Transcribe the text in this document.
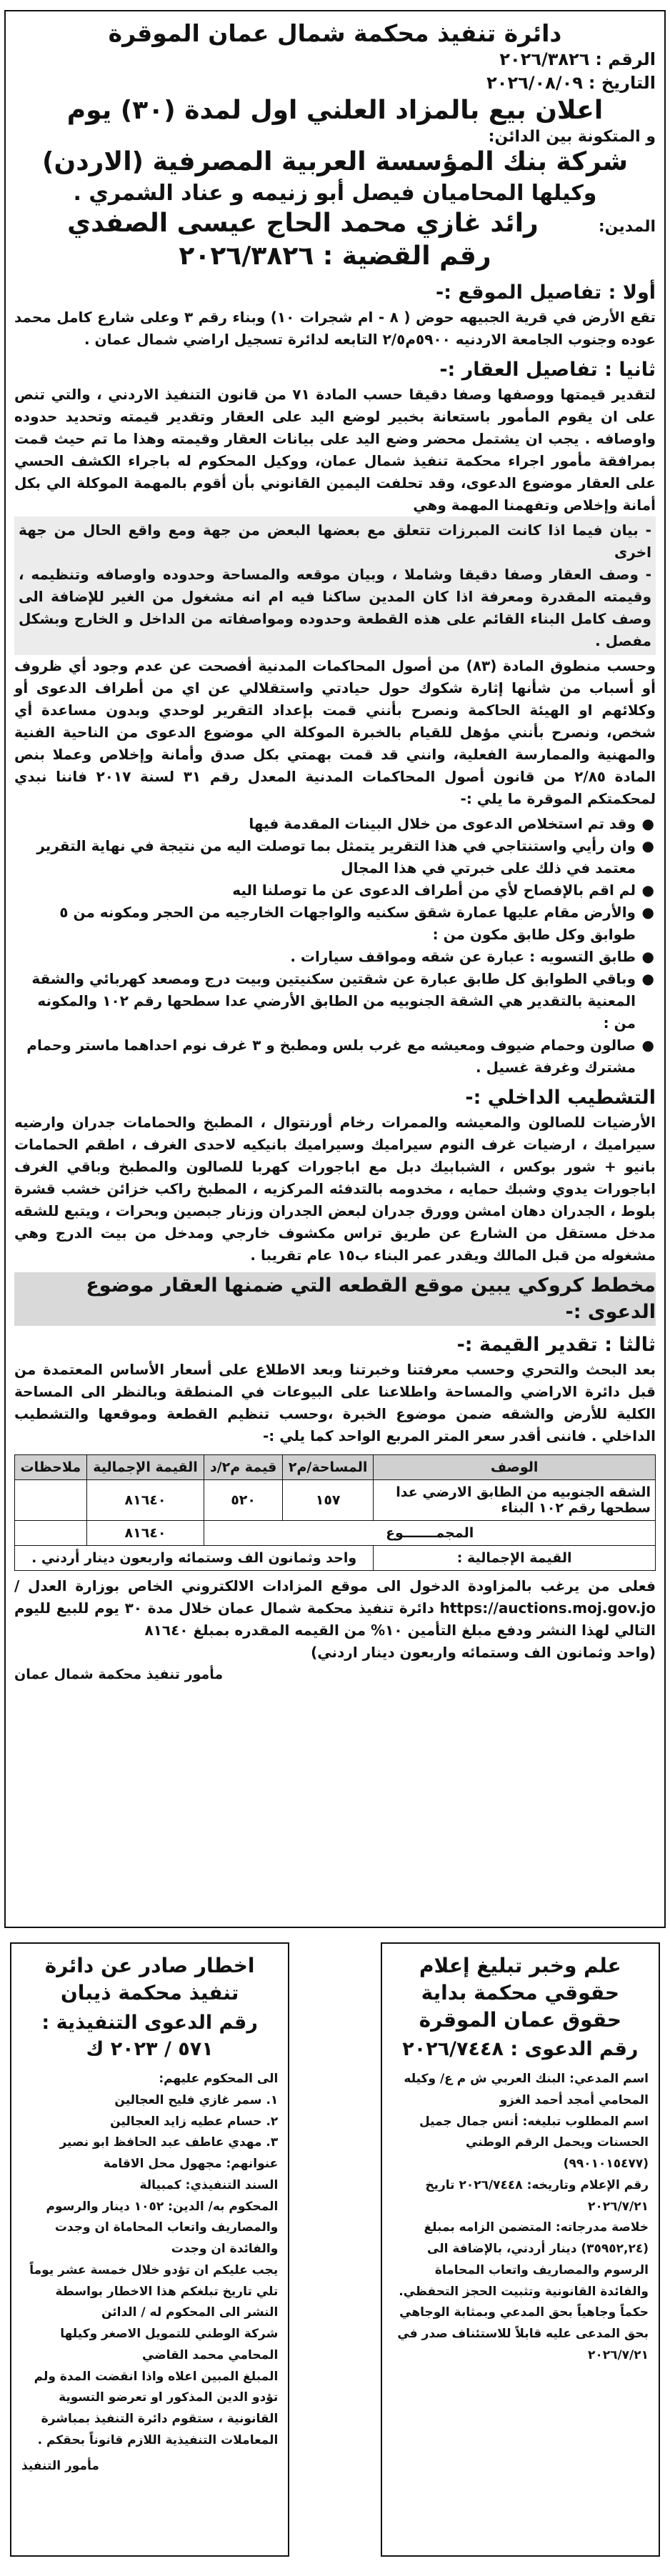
دائرة تنفيذ محكمة شمال عمان الموقرة
الرقم :
٢٠٢٦/٣٨٢٦
التاريخ :
٢٠٢٦/٠٨/٠٩
اعلان بيع بالمزاد العلني اول لمدة (٣٠) يوم
و المتكونة بين الدائن:
شركة بنك المؤسسة العربية المصرفية (الاردن)
وكيلها المحاميان فيصل أبو زنيمه و عناد الشمري .
المدين:
رائد غازي محمد الحاج عيسى الصفدي
رقم القضية : ٢٠٢٦/٣٨٢٦
أولا : تفاصيل الموقع :-

تقع الأرض في قرية الجبيهه حوض ( ٨ - ام شجرات ١٠) وبناء رقم ٣ وعلى شارع كامل محمد عوده وجنوب الجامعة الاردنيه ٥٩٠٠م٢/٥ التابعه لدائرة تسجيل اراضي شمال عمان .

ثانيا : تفاصيل العقار :-

لتقدير قيمتها ووصفها وصفا دقيقا حسب المادة ٧١ من قانون التنفيذ الاردني ، والتي تنص على ان يقوم المأمور باستعانة بخبير لوضع اليد على العقار وتقدير قيمته وتحديد حدوده واوصافه . يجب ان يشتمل محضر وضع اليد على بيانات العقار وقيمته وهذا ما تم حيث قمت بمرافقة مأمور اجراء محكمة تنفيذ شمال عمان، ووكيل المحكوم له باجراء الكشف الحسي على العقار موضوع الدعوى، وقد تحلفت اليمين القانوني بأن أقوم بالمهمة الموكلة الي بكل أمانة وإخلاص وتفهمنا المهمة وهي

- بيان فيما اذا كانت المبرزات تتعلق مع بعضها البعض من جهة ومع واقع الحال من جهة اخرى

- وصف العقار وصفا دقيقا وشاملا ، وبيان موقعه والمساحة وحدوده واوصافه وتنظيمه ، وقيمته المقدرة ومعرفة اذا كان المدين ساكنا فيه ام انه مشغول من الغير للإضافة الى وصف كامل البناء القائم على هذه القطعة وحدوده ومواصفاته من الداخل و الخارج وبشكل مفصل .

وحسب منطوق المادة (٨٣) من أصول المحاكمات المدنية أفصحت عن عدم وجود أي ظروف أو أسباب من شأنها إثارة شكوك حول حيادتي واستقلالي عن اي من أطراف الدعوى أو وكلائهم او الهيئة الحاكمة ونصرح بأنني قمت بإعداد التقرير لوحدي وبدون مساعدة أي شخص، ونصرح بأنني مؤهل للقيام بالخبرة الموكلة الي موضوع الدعوى من الناحية الفنية والمهنية والممارسة الفعلية، وانني قد قمت بهمتي بكل صدق وأمانة وإخلاص وعملا بنص المادة ٢/٨٥ من قانون أصول المحاكمات المدنية المعدل رقم ٣١ لسنة ٢٠١٧ فاننا نبدي لمحكمتكم الموقرة ما يلي :-

● وقد تم استخلاص الدعوى من خلال البينات المقدمة فيها
● وان رأيي واستنتاجي في هذا التقرير يتمثل بما توصلت اليه من نتيجة في نهاية التقرير معتمد في ذلك على خبرتي في هذا المجال
● لم اقم بالإفصاح لأي من أطراف الدعوى عن ما توصلنا اليه
● والأرض مقام عليها عمارة شقق سكنيه والواجهات الخارجيه من الحجر ومكونه من ٥ طوابق وكل طابق مكون من :
● طابق التسويه : عبارة عن شقه ومواقف سيارات .
● وباقي الطوابق كل طابق عبارة عن شقتين سكنيتين وبيت درج ومصعد كهربائي والشقة المعنية بالتقدير هي الشقة الجنوبيه من الطابق الأرضي عدا سطحها رقم ١٠٢ والمكونه من :
● صالون وحمام ضيوف ومعيشه مع غرب بلس ومطبخ و ٣ غرف نوم احداهما ماستر وحمام مشترك وغرفة غسيل .
التشطيب الداخلي :-

الأرضيات للصالون والمعيشه والممرات رخام أورنتوال ، المطبخ والحمامات جدران وارضيه سيراميك ، ارضيات غرف النوم سيراميك وسيراميك بانيكيه لاحدى الغرف ، اطقم الحمامات بانيو + شور بوكس ، الشبابيك دبل مع اباجورات كهربا للصالون والمطبخ وباقي الغرف اباجورات يدوي وشبك حمايه ، مخدومه بالتدفئه المركزيه ، المطبخ راكب خزائن خشب قشرة بلوط ، الجدران دهان امشن وورق جدران لبعض الجدران وزنار جبصين وبحرات ، ويتبع للشقه مدخل مستقل من الشارع عن طريق تراس مكشوف خارجي ومدخل من بيت الدرج وهي مشغوله من قبل المالك ويقدر عمر البناء ب١٥ عام تقريبا .

مخطط كروكي يبين موقع القطعه التي ضمنها العقار موضوع الدعوى :-
ثالثا : تقدير القيمة :-

بعد البحث والتحري وحسب معرفتنا وخبرتنا وبعد الاطلاع على أسعار الأساس المعتمدة من قبل دائرة الاراضي والمساحة واطلاعنا على البيوعات في المنطقة وبالنظر الى المساحة الكلية للأرض والشقه ضمن موضوع الخبرة ،وحسب تنظيم القطعة وموقعها والتشطيب الداخلي . فاننى أقدر سعر المتر المربع الواحد كما يلي :-

الوصف	المساحة/م٢	قيمة م٢/د	القيمة الإجمالية	ملاحظات
الشقه الجنوبيه من الطابق الارضي عدا سطحها رقم ١٠٢ البناء	١٥٧	٥٢٠	٨١٦٤٠	
المجمـــــــوع			٨١٦٤٠	
القيمة الإجمالية :	واحد وثمانون الف وستمائه واربعون دينار أردني .			

فعلى من يرغب بالمزاودة الدخول الى موقع المزادات الالكتروني الخاص بوزارة العدل / https://auctions.moj.gov.jo دائرة تنفيذ محكمة شمال عمان خلال مدة ٣٠ يوم للبيع لليوم التالي لهذا النشر ودفع مبلغ التأمين ١٠% من القيمه المقدره بمبلغ ٨١٦٤٠

(واحد وثمانون الف وستمائه واربعون دينار اردني)

مأمور تنفيذ محكمة شمال عمان
علم وخبر تبليغ إعلام حقوقي محكمة بداية حقوق عمان الموقرة
رقم الدعوى : ٢٠٢٦/٧٤٤٨

اسم المدعي: البنك العربي ش م ع/ وكيله المحامي أمجد أحمد الغزو

اسم المطلوب تبليغه: أنس جمال جميل الحسنات ويحمل الرقم الوطني (٩٩٠١٠١٥٤٧٧)

رقم الإعلام وتاريخه: ٢٠٢٦/٧٤٤٨ تاريخ ٢٠٢٦/٧/٢١

خلاصة مدرجاته: المتضمن الزامه بمبلغ (٣٥٩٥٢,٢٤) دينار أردني، بالإضافة الى الرسوم والمصاريف واتعاب المحاماة والفائدة القانونية وتثبيت الحجز التحفظي.

حكماً وجاهياً بحق المدعي وبمثابة الوجاهي بحق المدعى عليه قابلاً للاستئناف صدر في ٢٠٢٦/٧/٢١

اخطار صادر عن دائرة تنفيذ محكمة ذيبان
رقم الدعوى التنفيذية : ٥٧١ / ٢٠٢٣ ك

الى المحكوم عليهم:

١. سمر غازي فليح العجالين

٢. حسام عطيه زايد العجالين

٣. مهدي عاطف عبد الحافظ ابو نصير

عنوانهم: مجهول محل الاقامة

السند التنفيذي: كمبيالة

المحكوم به/ الدين: ١٠٥٢ دينار والرسوم والمصاريف واتعاب المحاماة ان وجدت والفائدة ان وجدت

يجب عليكم ان تؤدو خلال خمسة عشر يوماً تلي تاريخ تبلغكم هذا الاخطار بواسطة النشر الى المحكوم له / الدائن

شركة الوطني للتمويل الاصغر وكيلها المحامي محمد القاضي

المبلغ المبين اعلاه واذا انقضت المدة ولم تؤدو الدين المذكور او تعرضو التسوية القانونية ، ستقوم دائرة التنفيذ بمباشرة المعاملات التنفيذية اللازم قانوناً بحقكم .

مأمور التنفيذ
